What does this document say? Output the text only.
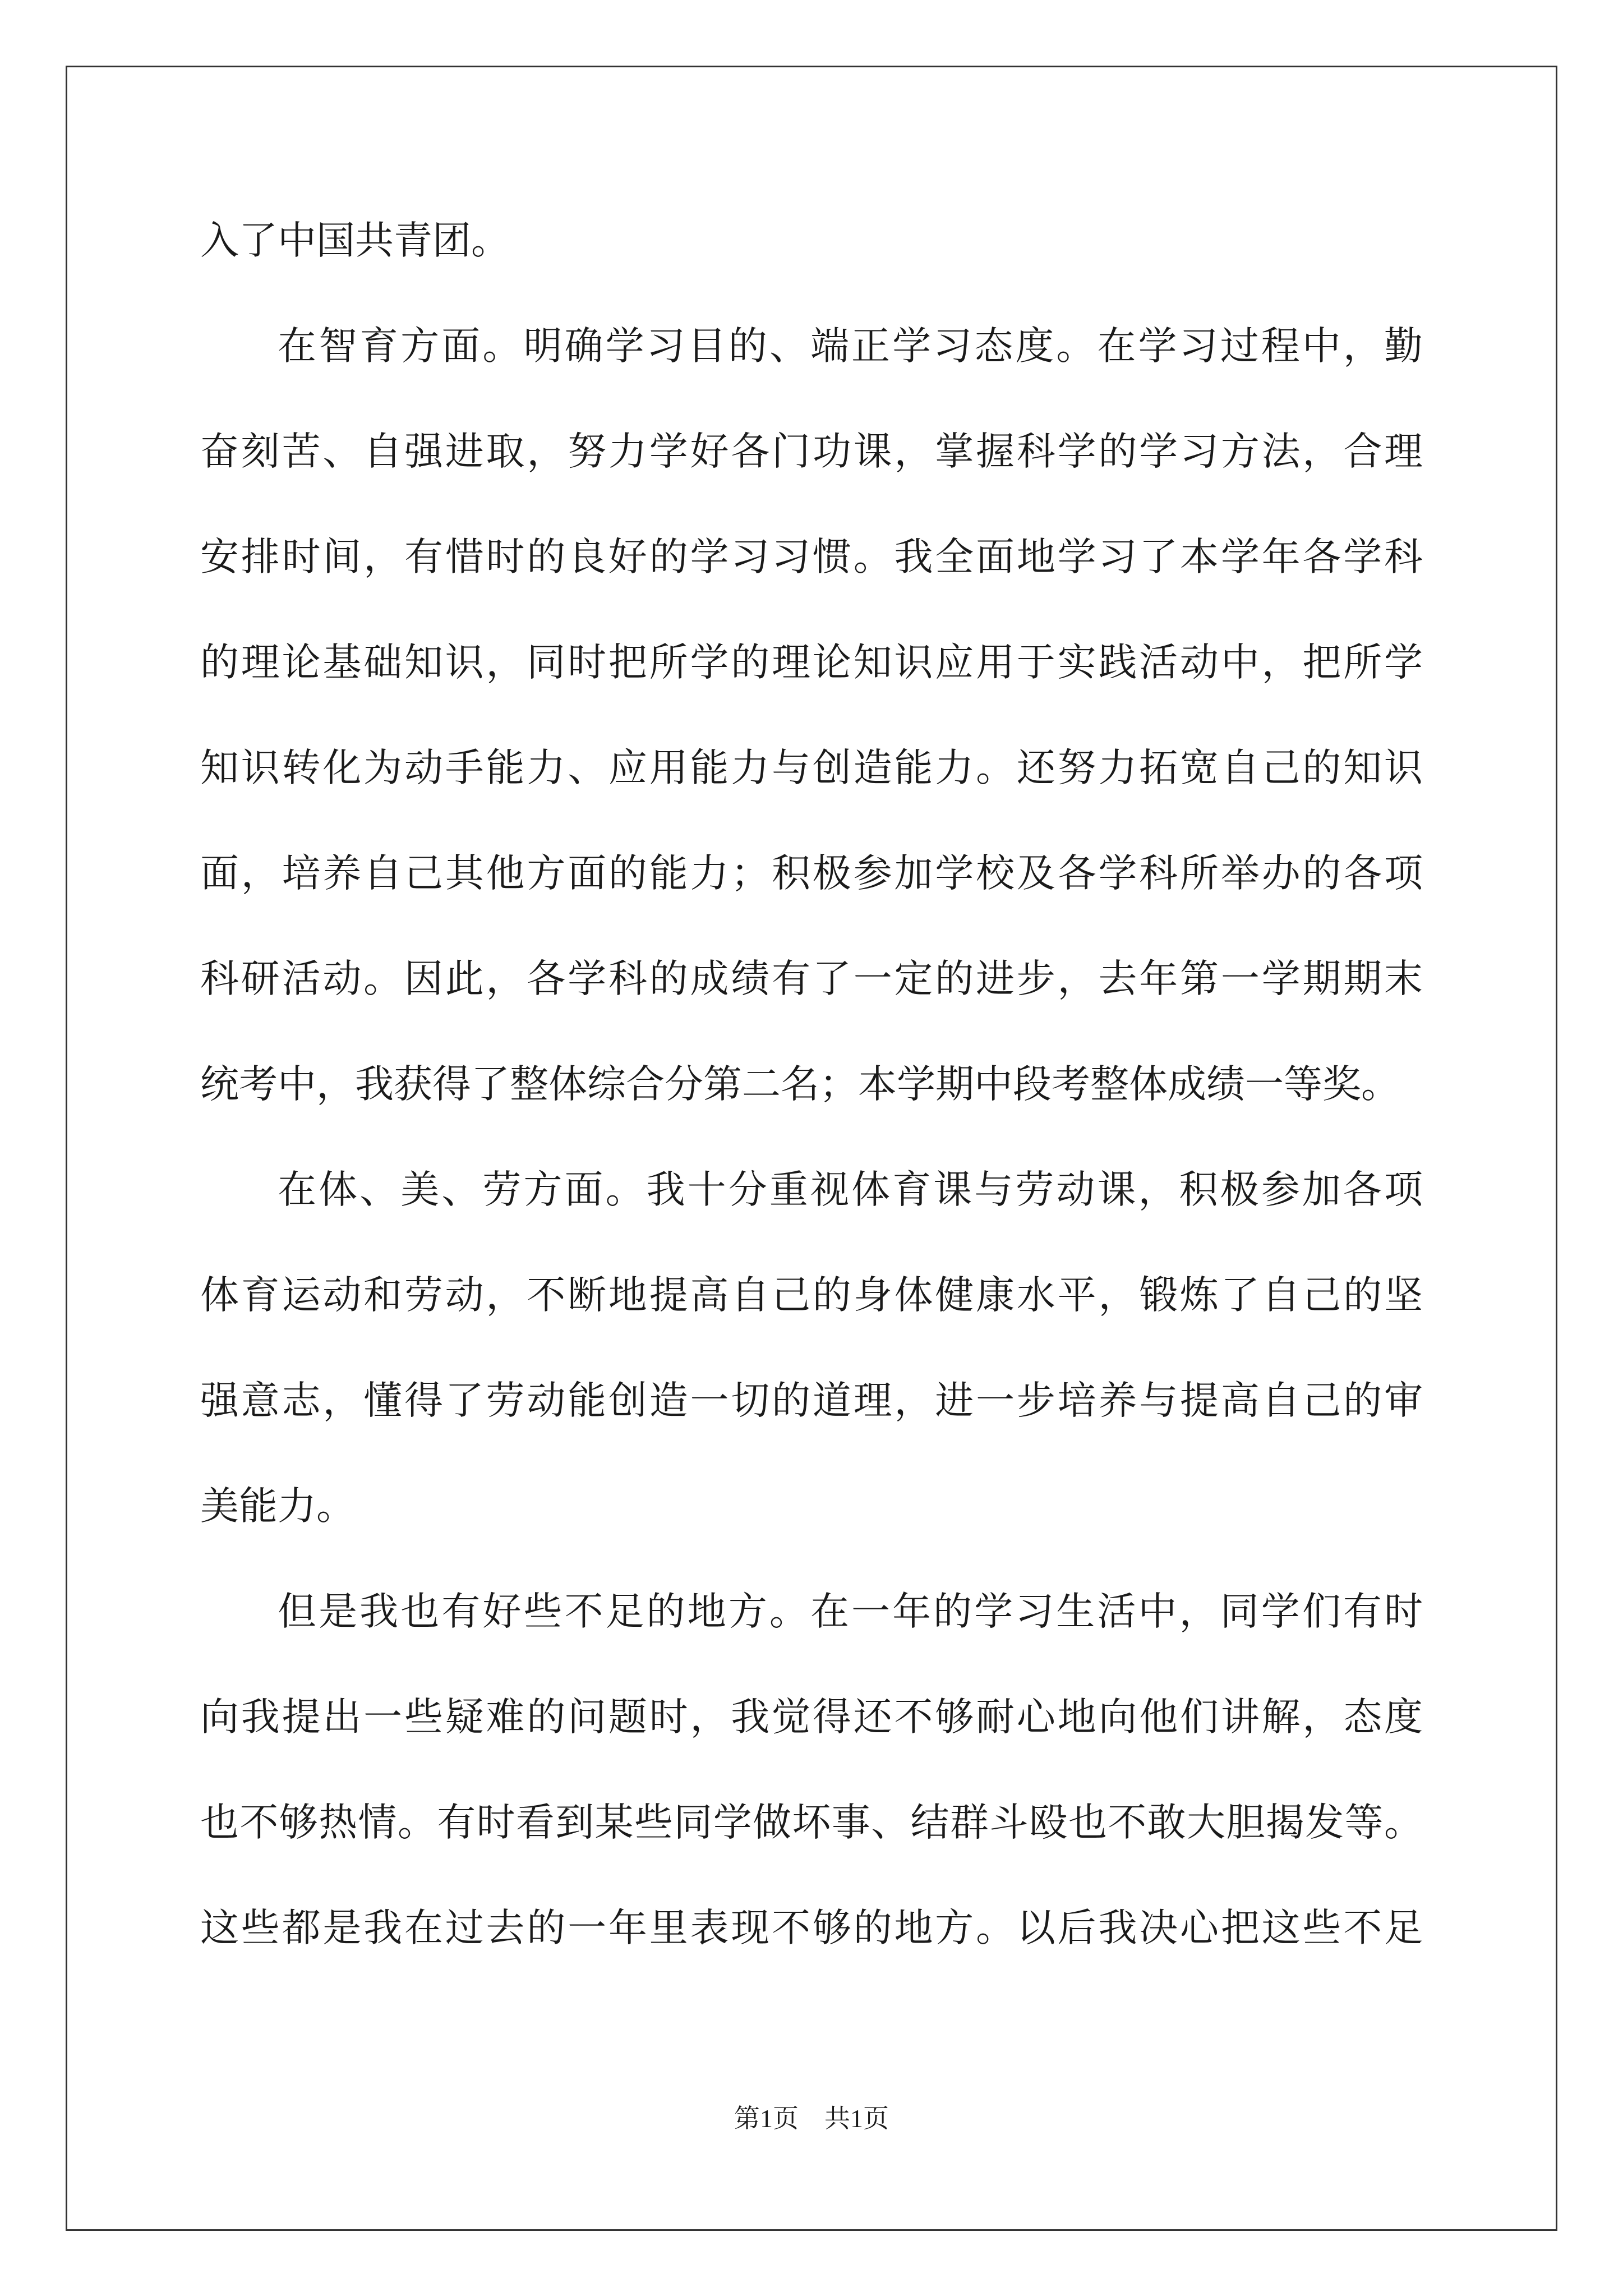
入了中国共青团。
在智育方面。明确学习目的、端正学习态度。在学习过程中，勤
奋刻苦、自强进取，努力学好各门功课，掌握科学的学习方法，合理
安排时间，有惜时的良好的学习习惯。我全面地学习了本学年各学科
的理论基础知识，同时把所学的理论知识应用于实践活动中，把所学
知识转化为动手能力、应用能力与创造能力。还努力拓宽自己的知识
面，培养自己其他方面的能力；积极参加学校及各学科所举办的各项
科研活动。因此，各学科的成绩有了一定的进步，去年第一学期期末
统考中，我获得了整体综合分第二名；本学期中段考整体成绩一等奖。
在体、美、劳方面。我十分重视体育课与劳动课，积极参加各项
体育运动和劳动，不断地提高自己的身体健康水平，锻炼了自己的坚
强意志，懂得了劳动能创造一切的道理，进一步培养与提高自己的审
美能力。
但是我也有好些不足的地方。在一年的学习生活中，同学们有时
向我提出一些疑难的问题时，我觉得还不够耐心地向他们讲解，态度
也不够热情。有时看到某些同学做坏事、结群斗殴也不敢大胆揭发等。
这些都是我在过去的一年里表现不够的地方。以后我决心把这些不足
第1页　共1页
